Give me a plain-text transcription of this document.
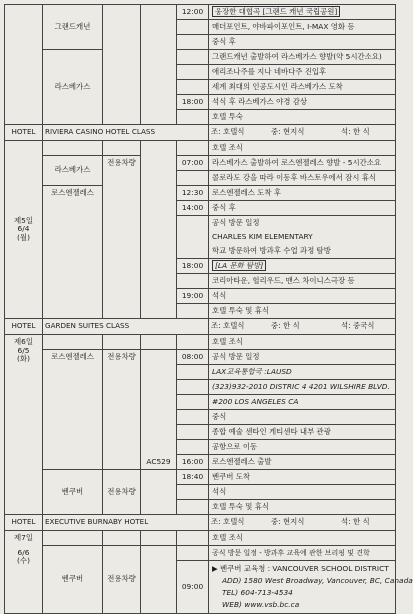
	그랜드캐년			12:00	웅장한 대협곡 [그랜드 캐년 국립공원]

					매더포인트, 야바파이포인트, I-MAX 영화 등

					중식 후

	라스베가스				그랜드캐년 출발하여 라스베가스 향발(약 5시간소요)

					애리조나주를 지나 네바다주 진입후

					세계 최대의 인공도시인 라스베가스 도착

				18:00	석식 후 라스베가스 야경 감상

					호텔 투숙

HOTEL	RIVIERA CASINO HOTEL CLASS				조: 호텔식 중: 현지식 석: 한 식

제5일
6/4
(월)					호텔 조식

	라스베가스	전용차량		07:00	라스베가스 출발하여 로스엔젤레스 향발 - 5시간소요

					콜로라도 강을 따라 이동후 바스토우에서 잠시 휴식

	로스엔젤레스			12:30	로스엔젤레스 도착 후

				14:00	중식 후

					공식 방문 일정
CHARLES KIM ELEMENTARY
학교 방문하여 방과후 수업 과정 탐방

				18:00	[LA 문화 탐방]

					코리아타운, 헐리우드, 맨스 차이니스극장 등

				19:00	석식

					호텔 투숙 및 휴식

HOTEL	GARDEN SUITES CLASS				조: 호텔식 중: 한 식 석: 중국식

제6일
6/5
(화)					호텔 조식

	로스엔젤레스	전용차량	AC529	08:00	공식 방문 일정

					LAX교육통합국 :LAUSD

					(323)932-2010 DISTRIC 4 4201 WILSHIRE BLVD.

					#200 LOS ANGELES CA

					중식

					종합 예술 센타인 게티센타 내부 관광

					공항으로 이동

				16:00	로스엔젤레스 출발

	벤쿠버	전용차량		18:40	벤쿠버 도착

					석식

					호텔 투숙 및 휴식

HOTEL	EXECUTIVE BURNABY HOTEL				조: 호텔식 중: 현지식 석: 한 식

제7일
6/6
(수)					호텔 조식

	벤쿠버	전용차량			공식 방문 일정 - 방과후 교육에 관한 브리핑 및 견학

				09:00	▶ 벤쿠버 교육청 : VANCOUVER SCHOOL DISTRICT
ADD) 1580 West Broadway, Vancouver, BC, Canada
TEL) 604-713-4534
WEB) www.vsb.bc.ca
